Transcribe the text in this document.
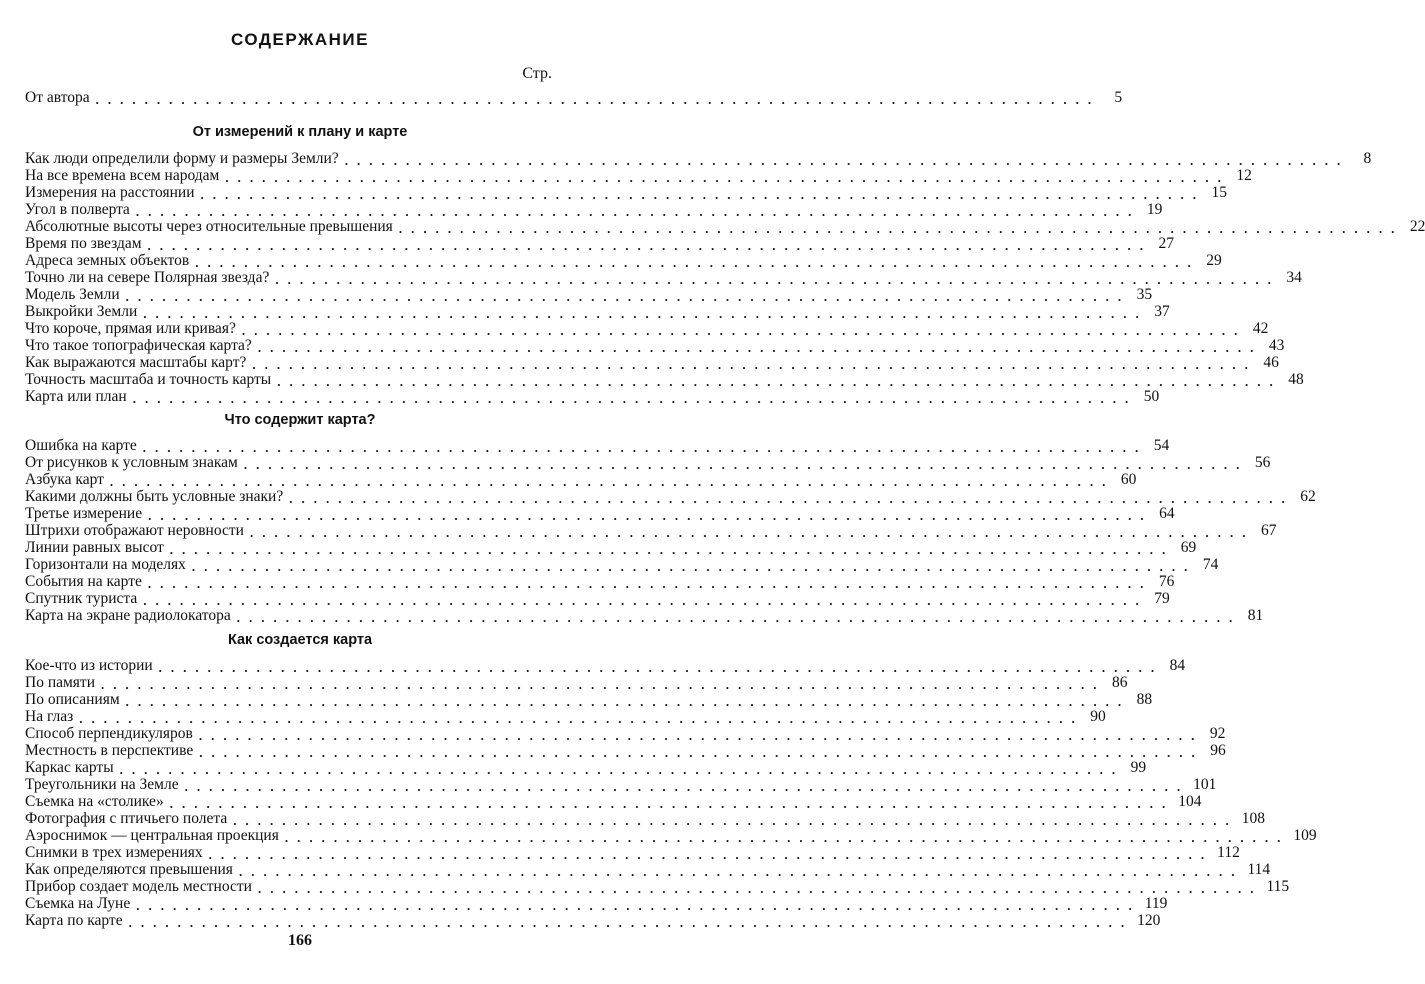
СОДЕРЖАНИЕ
Стр.
От автора .................................................................................. 5
От измерений к плану и карте
Как люди определили форму и размеры Земли? .................................................................................. 8
На все времена всем народам .................................................................................. 12
Измерения на расстоянии .................................................................................. 15
Угол в полвертa .................................................................................. 19
Абсолютные высоты через относительные превышения .................................................................................. 22
Время по звездам .................................................................................. 27
Адреса земных объектов .................................................................................. 29
Точно ли на севере Полярная звезда? .................................................................................. 34
Модель Земли .................................................................................. 35
Выкройки Земли .................................................................................. 37
Что короче, прямая или кривая? .................................................................................. 42
Что такое топографическая карта? .................................................................................. 43
Как выражаются масштабы карт? .................................................................................. 46
Точность масштаба и точность карты .................................................................................. 48
Карта или план .................................................................................. 50
Что содержит карта?
Ошибка на карте .................................................................................. 54
От рисунков к условным знакам .................................................................................. 56
Азбука карт .................................................................................. 60
Какими должны быть условные знаки? .................................................................................. 62
Третье измерение .................................................................................. 64
Штрихи отображают неровности .................................................................................. 67
Линии равных высот .................................................................................. 69
Горизонтали на моделях .................................................................................. 74
События на карте .................................................................................. 76
Спутник туриста .................................................................................. 79
Карта на экране радиолокатора .................................................................................. 81
Как создается карта
Кое-что из истории .................................................................................. 84
По памяти .................................................................................. 86
По описаниям .................................................................................. 88
На глаз .................................................................................. 90
Способ перпендикуляров .................................................................................. 92
Местность в перспективе .................................................................................. 96
Каркас карты .................................................................................. 99
Треугольники на Земле .................................................................................. 101
Съемка на «столике» .................................................................................. 104
Фотография с птичьего полета .................................................................................. 108
Аэроснимок — центральная проекция .................................................................................. 109
Снимки в трех измерениях .................................................................................. 112
Как определяются превышения .................................................................................. 114
Прибор создает модель местности .................................................................................. 115
Съемка на Луне .................................................................................. 119
Карта по карте .................................................................................. 120
166
